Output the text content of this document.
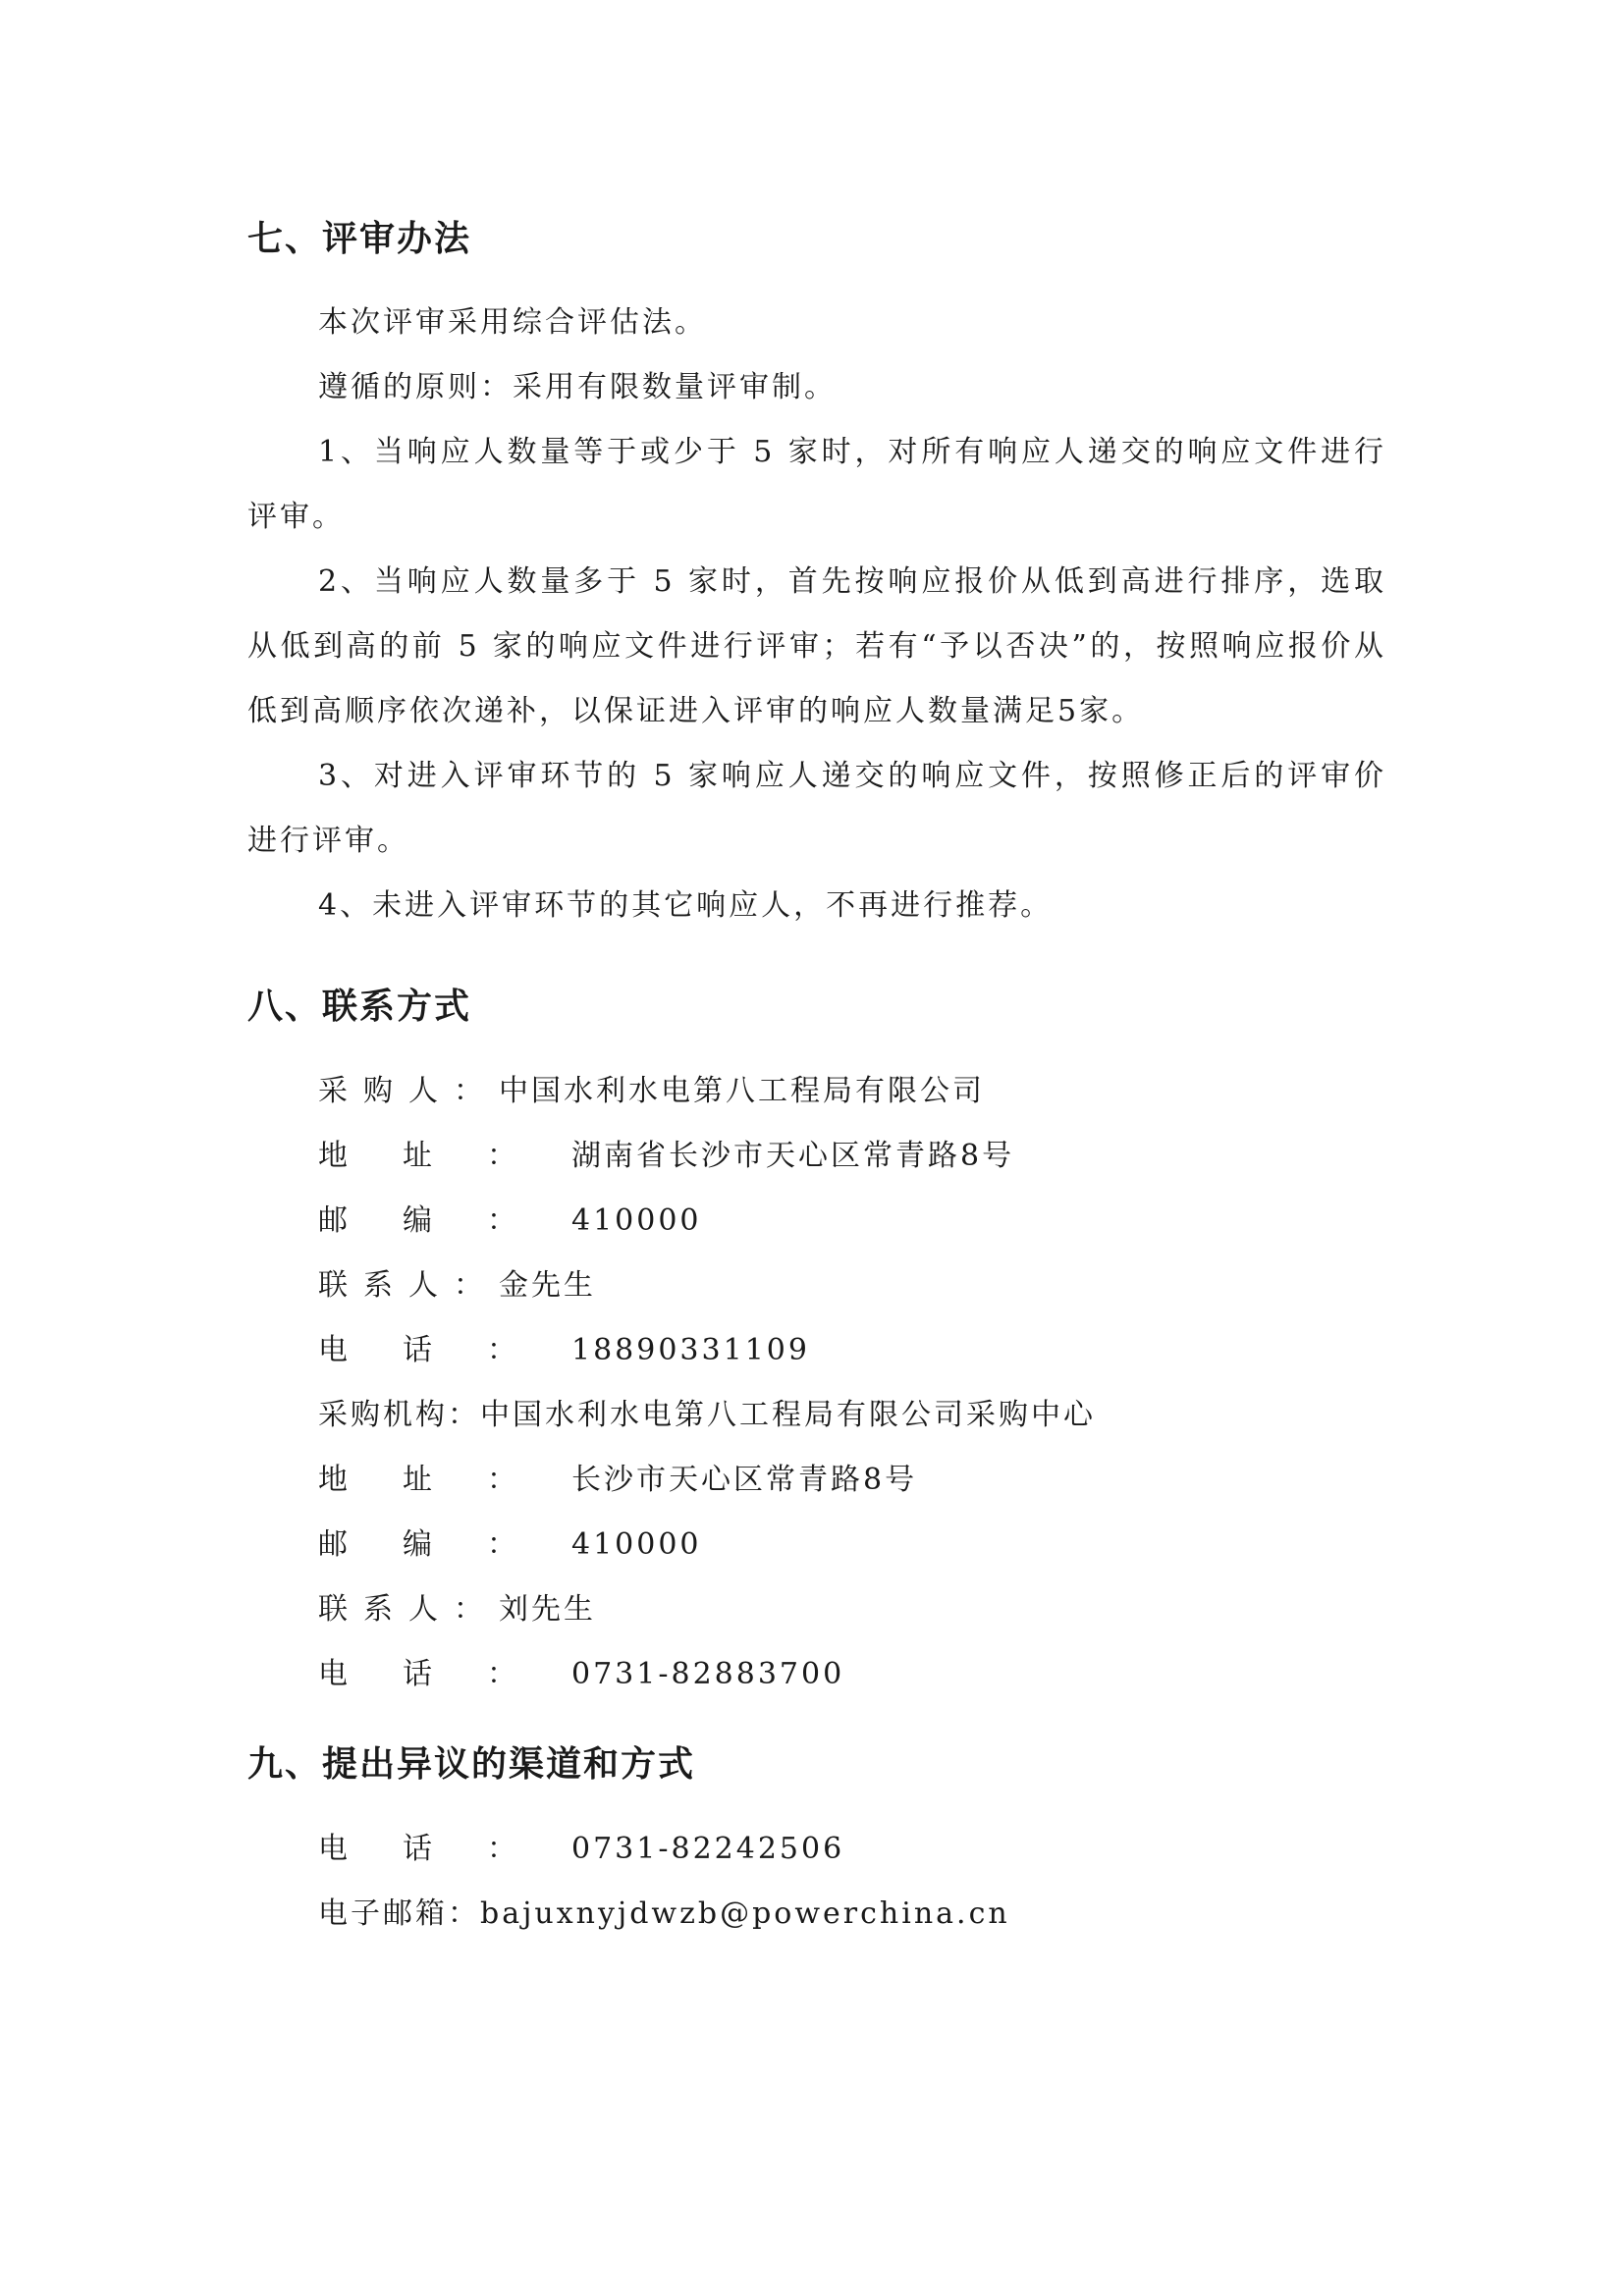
七、评审办法
本次评审采用综合评估法。
遵循的原则：采用有限数量评审制。
1、当响应人数量等于或少于 5 家时，对所有响应人递交的响应文件进行评审。
2、当响应人数量多于 5 家时，首先按响应报价从低到高进行排序，选取从低到高的前 5 家的响应文件进行评审；若有“予以否决”的，按照响应报价从低到高顺序依次递补，以保证进入评审的响应人数量满足5家。
3、对进入评审环节的 5 家响应人递交的响应文件，按照修正后的评审价进行评审。
4、未进入评审环节的其它响应人，不再进行推荐。
八、联系方式
采购人：中国水利水电第八工程局有限公司
地址：湖南省长沙市天心区常青路8号
邮编：410000
联系人：金先生
电话：18890331109
采购机构：中国水利水电第八工程局有限公司采购中心
地址：长沙市天心区常青路8号
邮编：410000
联系人：刘先生
电话：0731-82883700
九、提出异议的渠道和方式
电话：0731-82242506
电子邮箱：bajuxnyjdwzb@powerchina.cn
